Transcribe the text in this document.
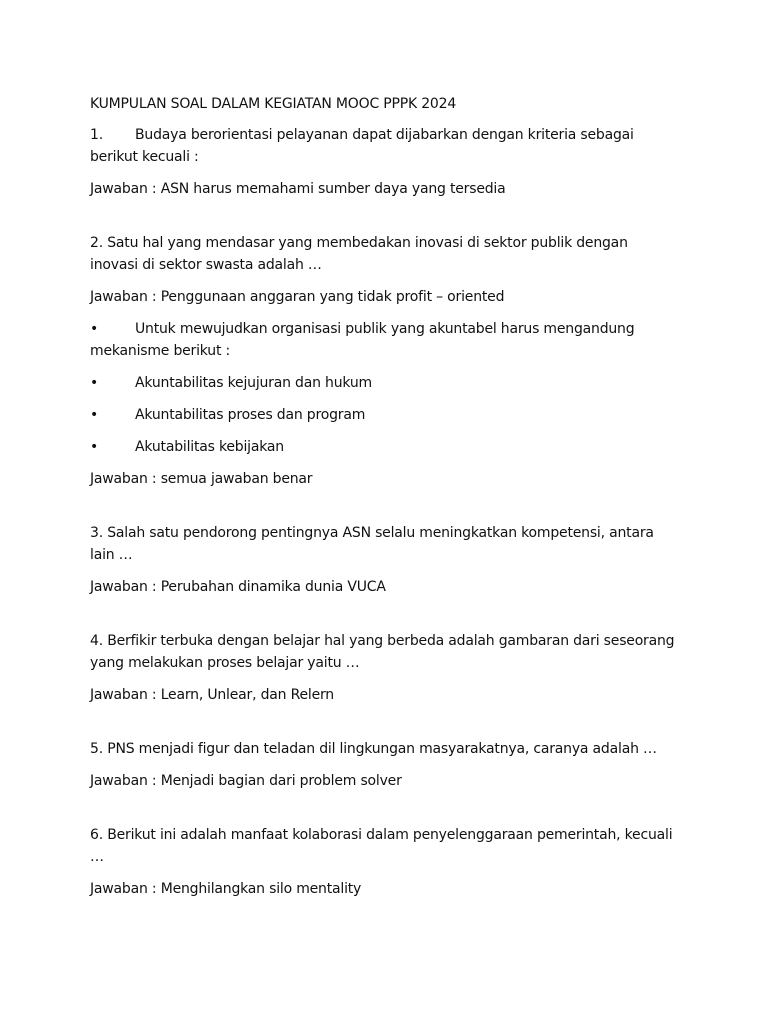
KUMPULAN SOAL DALAM KEGIATAN MOOC PPPK 2024

1. Budaya berorientasi pelayanan dapat dijabarkan dengan kriteria sebagai berikut kecuali :

Jawaban : ASN harus memahami sumber daya yang tersedia

2. Satu hal yang mendasar yang membedakan inovasi di sektor publik dengan inovasi di sektor swasta adalah …

Jawaban : Penggunaan anggaran yang tidak profit – oriented

•	Untuk mewujudkan organisasi publik yang akuntabel harus mengandung mekanisme berikut :

•	Akuntabilitas kejujuran dan hukum

•	Akuntabilitas proses dan program

•	Akutabilitas kebijakan

Jawaban : semua jawaban benar

3. Salah satu pendorong pentingnya ASN selalu meningkatkan kompetensi, antara lain …

Jawaban : Perubahan dinamika dunia VUCA

4. Berfikir terbuka dengan belajar hal yang berbeda adalah gambaran dari seseorang yang melakukan proses belajar yaitu …

Jawaban : Learn, Unlear, dan Relern

5. PNS menjadi figur dan teladan dil lingkungan masyarakatnya, caranya adalah …

Jawaban : Menjadi bagian dari problem solver

6. Berikut ini adalah manfaat kolaborasi dalam penyelenggaraan pemerintah, kecuali …

Jawaban : Menghilangkan silo mentality
